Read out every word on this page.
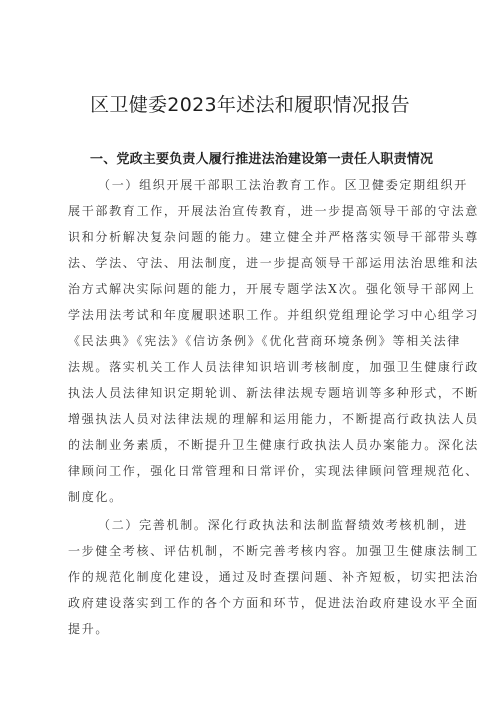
区卫健委2023年述法和履职情况报告
一、党政主要负责人履行推进法治建设第一责任人职责情况
（一）组织开展干部职工法治教育工作。区卫健委定期组织开
展干部教育工作，开展法治宣传教育，进一步提高领导干部的守法意
识和分析解决复杂问题的能力。建立健全并严格落实领导干部带头尊
法、学法、守法、用法制度，进一步提高领导干部运用法治思维和法
治方式解决实际问题的能力，开展专题学法X次。强化领导干部网上
学法用法考试和年度履职述职工作。并组织党组理论学习中心组学习
《民法典》《宪法》《信访条例》《优化营商环境条例》等相关法律
法规。落实机关工作人员法律知识培训考核制度，加强卫生健康行政
执法人员法律知识定期轮训、新法律法规专题培训等多种形式，不断
增强执法人员对法律法规的理解和运用能力，不断提高行政执法人员
的法制业务素质，不断提升卫生健康行政执法人员办案能力。深化法
律顾问工作，强化日常管理和日常评价，实现法律顾问管理规范化、
制度化。
（二）完善机制。深化行政执法和法制监督绩效考核机制，进
一步健全考核、评估机制，不断完善考核内容。加强卫生健康法制工
作的规范化制度化建设，通过及时查摆问题、补齐短板，切实把法治
政府建设落实到工作的各个方面和环节，促进法治政府建设水平全面
提升。
